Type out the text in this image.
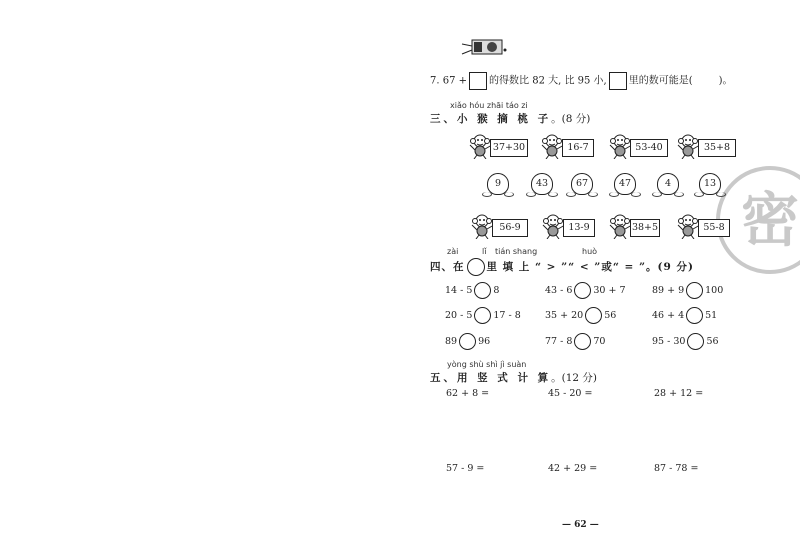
7. 67 + 的得数比 82 大, 比 95 小, 里的数可能是(	)。
xiǎo hóu zhāi táo zi
三、小 猴 摘 桃 子。(8 分)
zài	lǐ tián shang	huò
四、在 里 填 上 “ > ”“ < ”或“ = ”。(9 分)
yòng shù shì jì suàn
五、用 竖 式 计 算。(12 分)
密
— 62 —
37+30	16-7	53-40	35+8
56-9	13-9	38+5	55-8
9	43	67	47	4	13
14 - 5 8	43 - 6 30 + 7	89 + 9 100
20 - 5 17 - 8	35 + 20 56	46 + 4 51
89 96	77 - 8 70	95 - 30 56
62 + 8 =	45 - 20 =	28 + 12 =
57 - 9 =	42 + 29 =	87 - 78 =
